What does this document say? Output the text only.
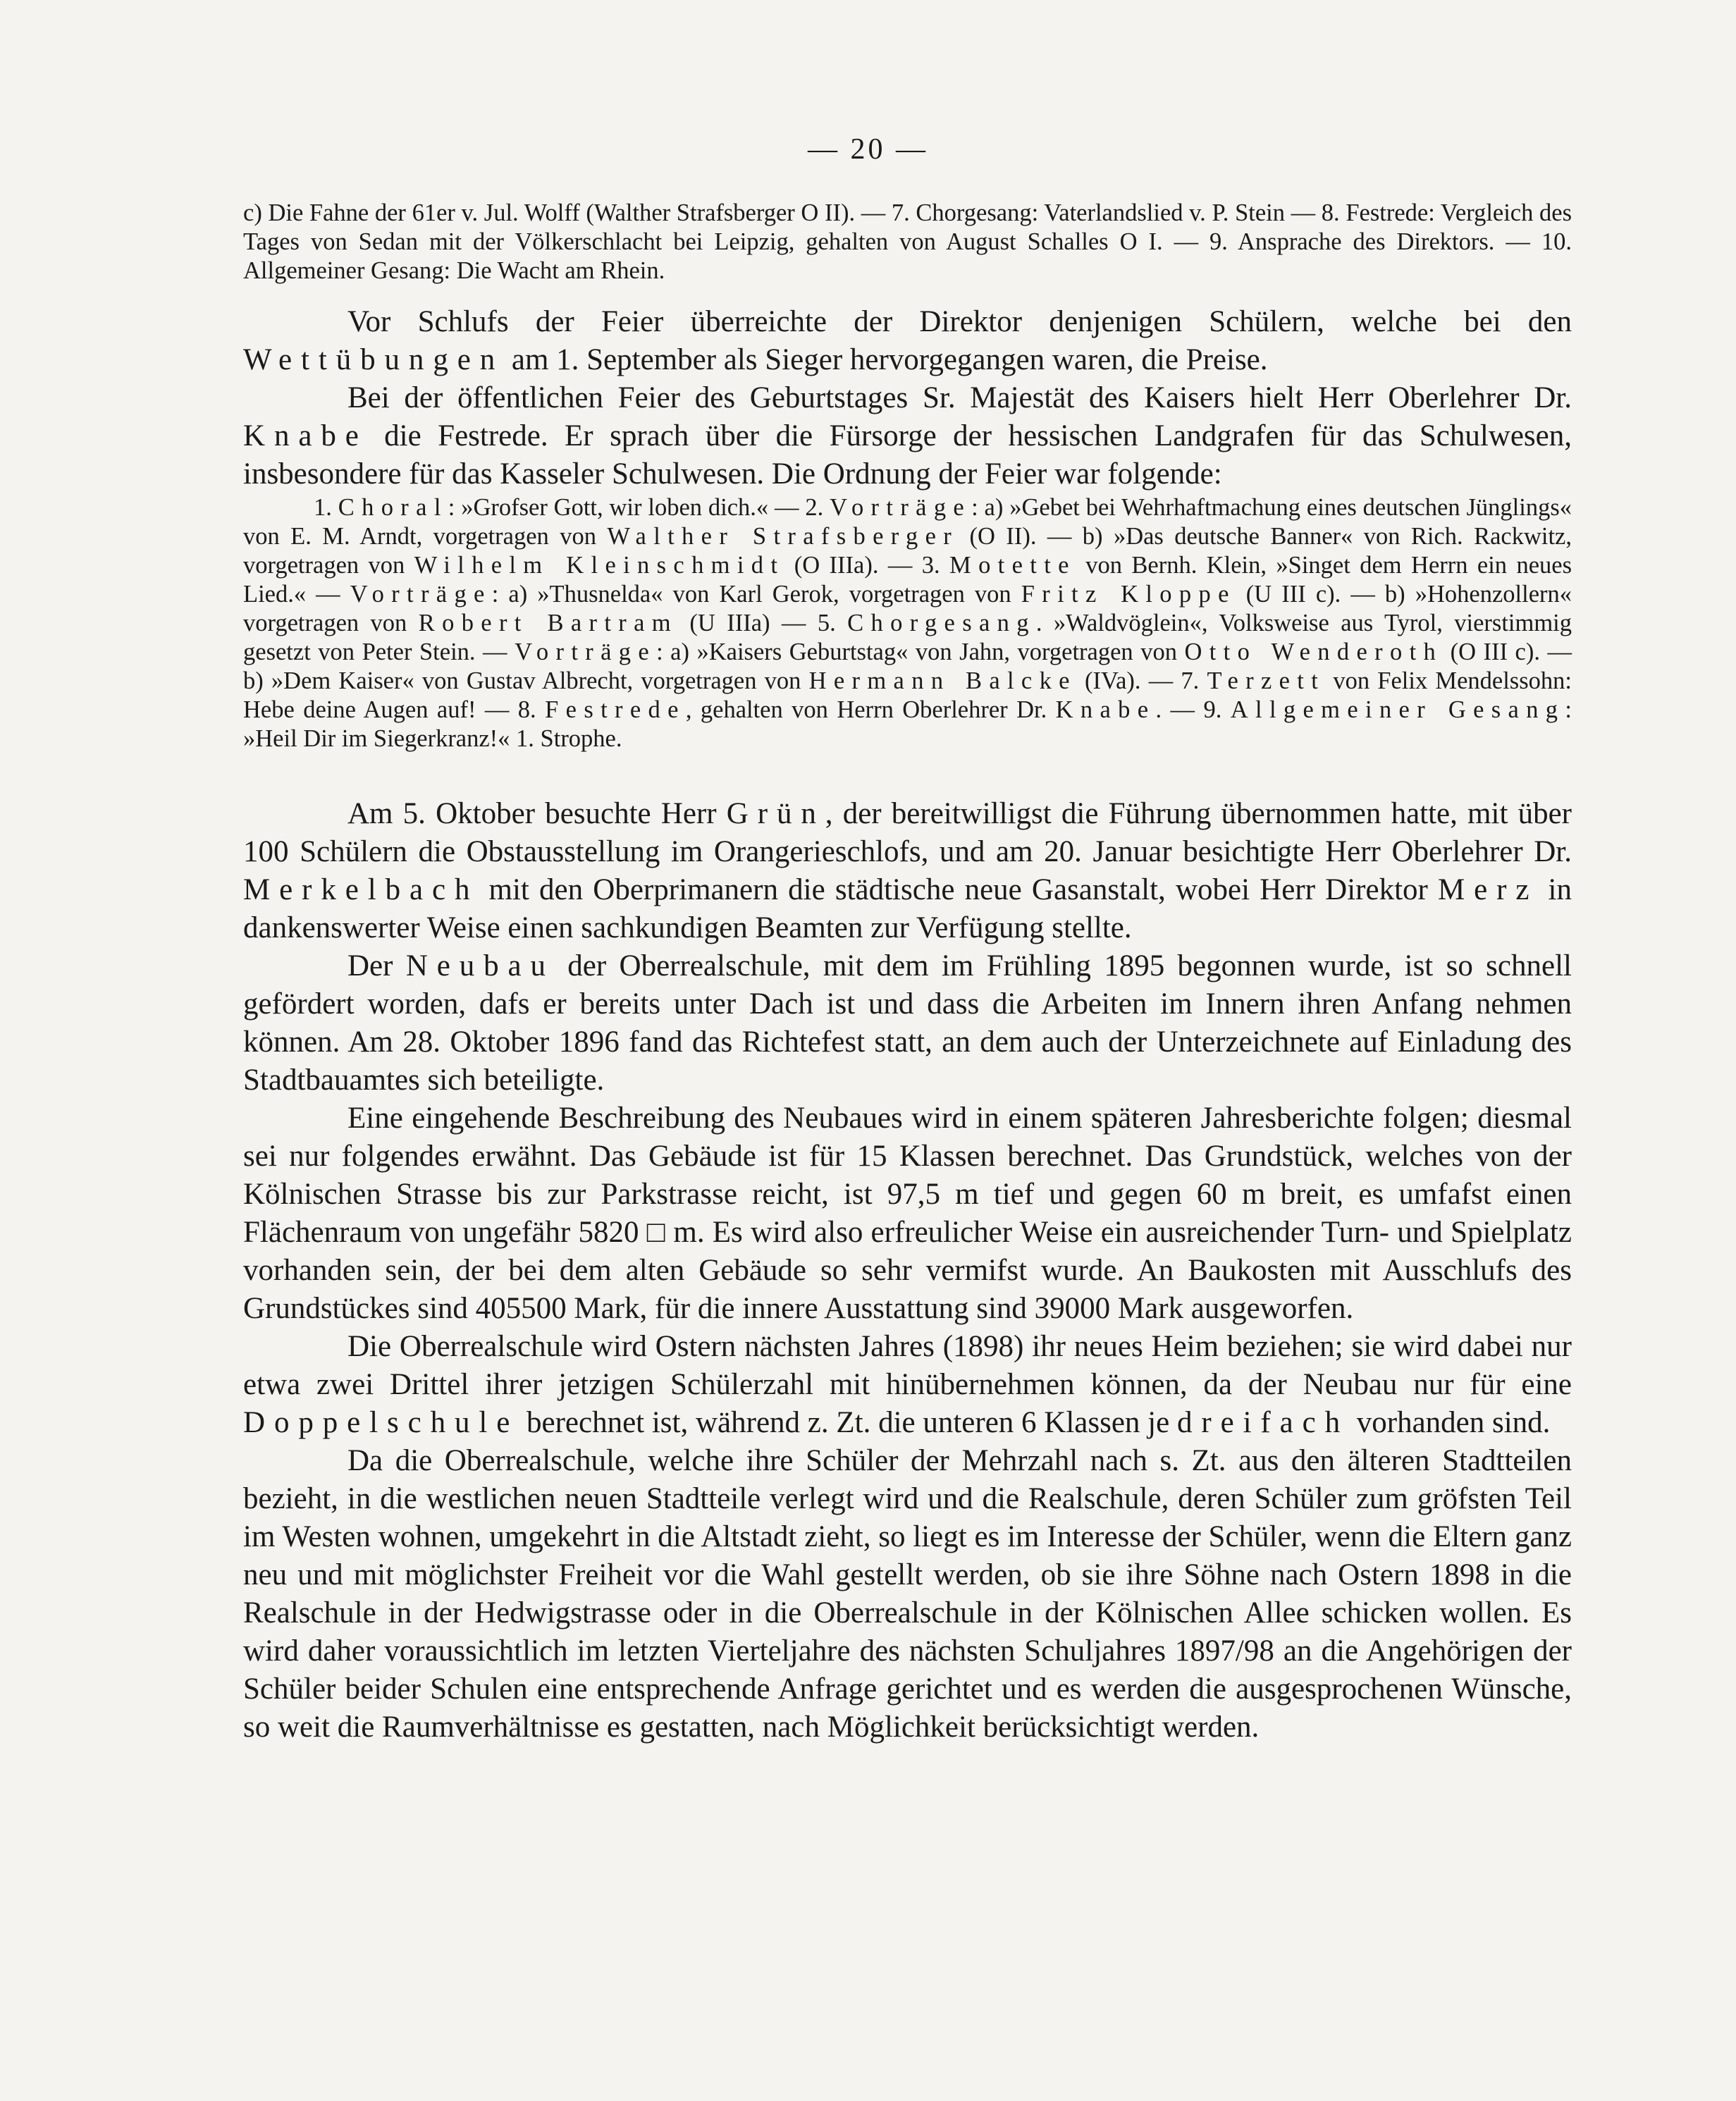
— 20 —

c) Die Fahne der 61er v. Jul. Wolff (Walther Strafsberger O II). — 7. Chorgesang: Vaterlandslied v. P. Stein — 8. Festrede: Vergleich des Tages von Sedan mit der Völkerschlacht bei Leipzig, gehalten von August Schalles O I. — 9. Ansprache des Direktors. — 10. Allgemeiner Gesang: Die Wacht am Rhein.

Vor Schlufs der Feier überreichte der Direktor denjenigen Schülern, welche bei den Wettübungen am 1. September als Sieger hervorgegangen waren, die Preise.

Bei der öffentlichen Feier des Geburtstages Sr. Majestät des Kaisers hielt Herr Oberlehrer Dr. Knabe die Festrede. Er sprach über die Fürsorge der hessischen Landgrafen für das Schulwesen, insbesondere für das Kasseler Schulwesen. Die Ordnung der Feier war folgende:

1. Choral: »Grofser Gott, wir loben dich.« — 2. Vorträge: a) »Gebet bei Wehrhaftmachung eines deutschen Jünglings« von E. M. Arndt, vorgetragen von Walther Strafsberger (O II). — b) »Das deutsche Banner« von Rich. Rackwitz, vorgetragen von Wilhelm Kleinschmidt (O IIIa). — 3. Motette von Bernh. Klein, »Singet dem Herrn ein neues Lied.« — Vorträge: a) »Thusnelda« von Karl Gerok, vorgetragen von Fritz Kloppe (U III c). — b) »Hohenzollern« vorgetragen von Robert Bartram (U IIIa) — 5. Chorgesang. »Waldvöglein«, Volksweise aus Tyrol, vierstimmig gesetzt von Peter Stein. — Vorträge: a) »Kaisers Geburtstag« von Jahn, vorgetragen von Otto Wenderoth (O III c). — b) »Dem Kaiser« von Gustav Albrecht, vorgetragen von Hermann Balcke (IVa). — 7. Terzett von Felix Mendelssohn: Hebe deine Augen auf! — 8. Festrede, gehalten von Herrn Oberlehrer Dr. Knabe. — 9. Allgemeiner Gesang: »Heil Dir im Siegerkranz!« 1. Strophe.

Am 5. Oktober besuchte Herr Grün, der bereitwilligst die Führung übernommen hatte, mit über 100 Schülern die Obstausstellung im Orangerieschlofs, und am 20. Januar besichtigte Herr Oberlehrer Dr. Merkelbach mit den Oberprimanern die städtische neue Gasanstalt, wobei Herr Direktor Merz in dankenswerter Weise einen sachkundigen Beamten zur Verfügung stellte.

Der Neubau der Oberrealschule, mit dem im Frühling 1895 begonnen wurde, ist so schnell gefördert worden, dafs er bereits unter Dach ist und dass die Arbeiten im Innern ihren Anfang nehmen können. Am 28. Oktober 1896 fand das Richtefest statt, an dem auch der Unterzeichnete auf Einladung des Stadtbauamtes sich beteiligte.

Eine eingehende Beschreibung des Neubaues wird in einem späteren Jahresberichte folgen; diesmal sei nur folgendes erwähnt. Das Gebäude ist für 15 Klassen berechnet. Das Grundstück, welches von der Kölnischen Strasse bis zur Parkstrasse reicht, ist 97,5 m tief und gegen 60 m breit, es umfafst einen Flächenraum von ungefähr 5820 □ m. Es wird also erfreulicher Weise ein ausreichender Turn- und Spielplatz vorhanden sein, der bei dem alten Gebäude so sehr vermifst wurde. An Baukosten mit Ausschlufs des Grundstückes sind 405500 Mark, für die innere Ausstattung sind 39000 Mark ausgeworfen.

Die Oberrealschule wird Ostern nächsten Jahres (1898) ihr neues Heim beziehen; sie wird dabei nur etwa zwei Drittel ihrer jetzigen Schülerzahl mit hinübernehmen können, da der Neubau nur für eine Doppelschule berechnet ist, während z. Zt. die unteren 6 Klassen je dreifach vorhanden sind.

Da die Oberrealschule, welche ihre Schüler der Mehrzahl nach s. Zt. aus den älteren Stadtteilen bezieht, in die westlichen neuen Stadtteile verlegt wird und die Realschule, deren Schüler zum gröfsten Teil im Westen wohnen, umgekehrt in die Altstadt zieht, so liegt es im Interesse der Schüler, wenn die Eltern ganz neu und mit möglichster Freiheit vor die Wahl gestellt werden, ob sie ihre Söhne nach Ostern 1898 in die Realschule in der Hedwigstrasse oder in die Oberrealschule in der Kölnischen Allee schicken wollen. Es wird daher voraussichtlich im letzten Vierteljahre des nächsten Schuljahres 1897/98 an die Angehörigen der Schüler beider Schulen eine entsprechende Anfrage gerichtet und es werden die ausgesprochenen Wünsche, so weit die Raumverhältnisse es gestatten, nach Möglichkeit berücksichtigt werden.
